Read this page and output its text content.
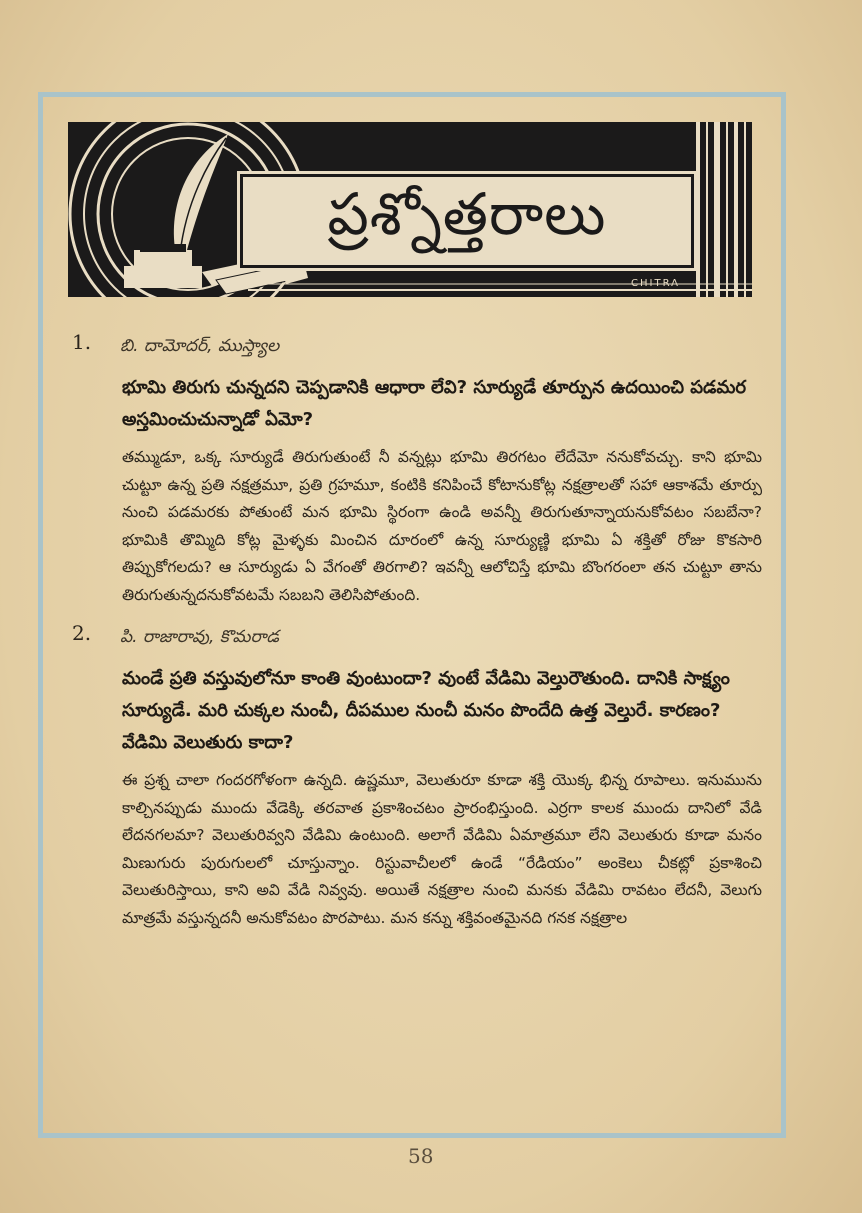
ప్రశ్నోత్తరాలు
CHITRA
1. బి. దామోదర్, ముస్త్యాల
భూమి తిరుగు చున్నదని చెప్పడానికి ఆధారా లేవి? సూర్యుడే తూర్పున ఉదయించి పడమర అస్తమించుచున్నాడో ఏమో?
తమ్ముడూ, ఒక్క సూర్యుడే తిరుగుతుంటే నీ వన్నట్లు భూమి తిరగటం లేదేమో ననుకోవచ్చు. కాని భూమి చుట్టూ ఉన్న ప్రతి నక్షత్రమూ, ప్రతి గ్రహమూ, కంటికి కనిపించే కోటానుకోట్ల నక్షత్రాలతో సహా ఆకాశమే తూర్పు నుంచి పడమరకు పోతుంటే మన భూమి స్థిరంగా ఉండి అవన్నీ తిరుగుతూన్నాయనుకోవటం సబబేనా? భూమికి తొమ్మిది కోట్ల మైళ్ళకు మించిన దూరంలో ఉన్న సూర్యుణ్ణి భూమి ఏ శక్తితో రోజు కొకసారి తిప్పుకోగలదు? ఆ సూర్యుడు ఏ వేగంతో తిరగాలి? ఇవన్నీ ఆలోచిస్తే భూమి బొంగరంలా తన చుట్టూ తాను తిరుగుతున్నదనుకోవటమే సబబని తెలిసిపోతుంది.
2. పి. రాజారావు, కొమరాడ
మండే ప్రతి వస్తువులోనూ కాంతి వుంటుందా? వుంటే వేడిమి వెల్తురౌతుంది. దానికి సాక్ష్యం సూర్యుడే. మరి చుక్కల నుంచీ, దీపముల నుంచీ మనం పొందేది ఉత్త వెల్తురే. కారణం? వేడిమి వెలుతురు కాదా?
ఈ ప్రశ్న చాలా గందరగోళంగా ఉన్నది. ఉష్ణమూ, వెలుతురూ కూడా శక్తి యొక్క భిన్న రూపాలు. ఇనుమును కాల్చినప్పుడు ముందు వేడెక్కి తరవాత ప్రకాశించటం ప్రారంభిస్తుంది. ఎర్రగా కాలక ముందు దానిలో వేడి లేదనగలమా? వెలుతురివ్వని వేడిమి ఉంటుంది. అలాగే వేడిమి ఏమాత్రమూ లేని వెలుతురు కూడా మనం మిణుగురు పురుగులలో చూస్తున్నాం. రిస్టువాచీలలో ఉండే “రేడియం” అంకెలు చీకట్లో ప్రకాశించి వెలుతురిస్తాయి, కాని అవి వేడి నివ్వవు. అయితే నక్షత్రాల నుంచి మనకు వేడిమి రావటం లేదనీ, వెలుగు మాత్రమే వస్తున్నదనీ అనుకోవటం పొరపాటు. మన కన్ను శక్తివంతమైనది గనక నక్షత్రాల
58
